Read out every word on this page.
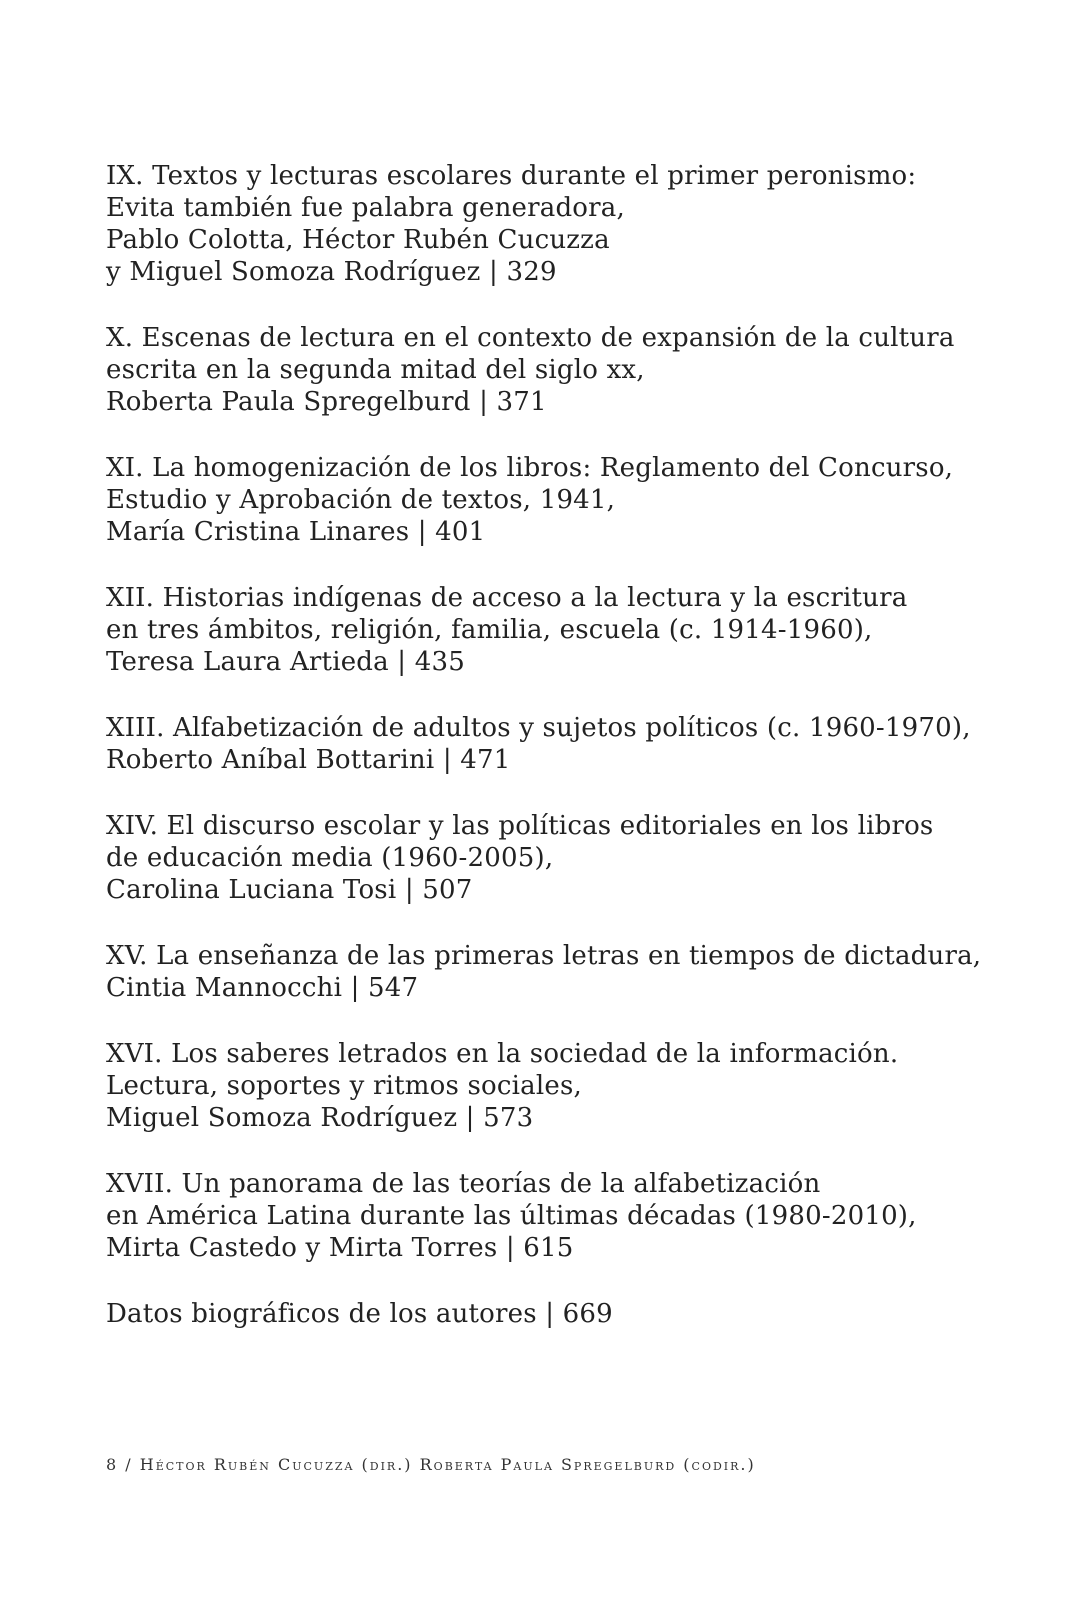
IX. Textos y lecturas escolares durante el primer peronismo:
Evita también fue palabra generadora,
Pablo Colotta, Héctor Rubén Cucuzza
y Miguel Somoza Rodríguez | 329
X. Escenas de lectura en el contexto de expansión de la cultura
escrita en la segunda mitad del siglo xx,
Roberta Paula Spregelburd | 371
XI. La homogenización de los libros: Reglamento del Concurso,
Estudio y Aprobación de textos, 1941,
María Cristina Linares | 401
XII. Historias indígenas de acceso a la lectura y la escritura
en tres ámbitos, religión, familia, escuela (c. 1914-1960),
Teresa Laura Artieda | 435
XIII. Alfabetización de adultos y sujetos políticos (c. 1960-1970),
Roberto Aníbal Bottarini | 471
XIV. El discurso escolar y las políticas editoriales en los libros
de educación media (1960-2005),
Carolina Luciana Tosi | 507
XV. La enseñanza de las primeras letras en tiempos de dictadura,
Cintia Mannocchi | 547
XVI. Los saberes letrados en la sociedad de la información.
Lectura, soportes y ritmos sociales,
Miguel Somoza Rodríguez | 573
XVII. Un panorama de las teorías de la alfabetización
en América Latina durante las últimas décadas (1980-2010),
Mirta Castedo y Mirta Torres | 615
Datos biográficos de los autores | 669
8 / Héctor Rubén Cucuzza (dir.) Roberta Paula Spregelburd (codir.)
